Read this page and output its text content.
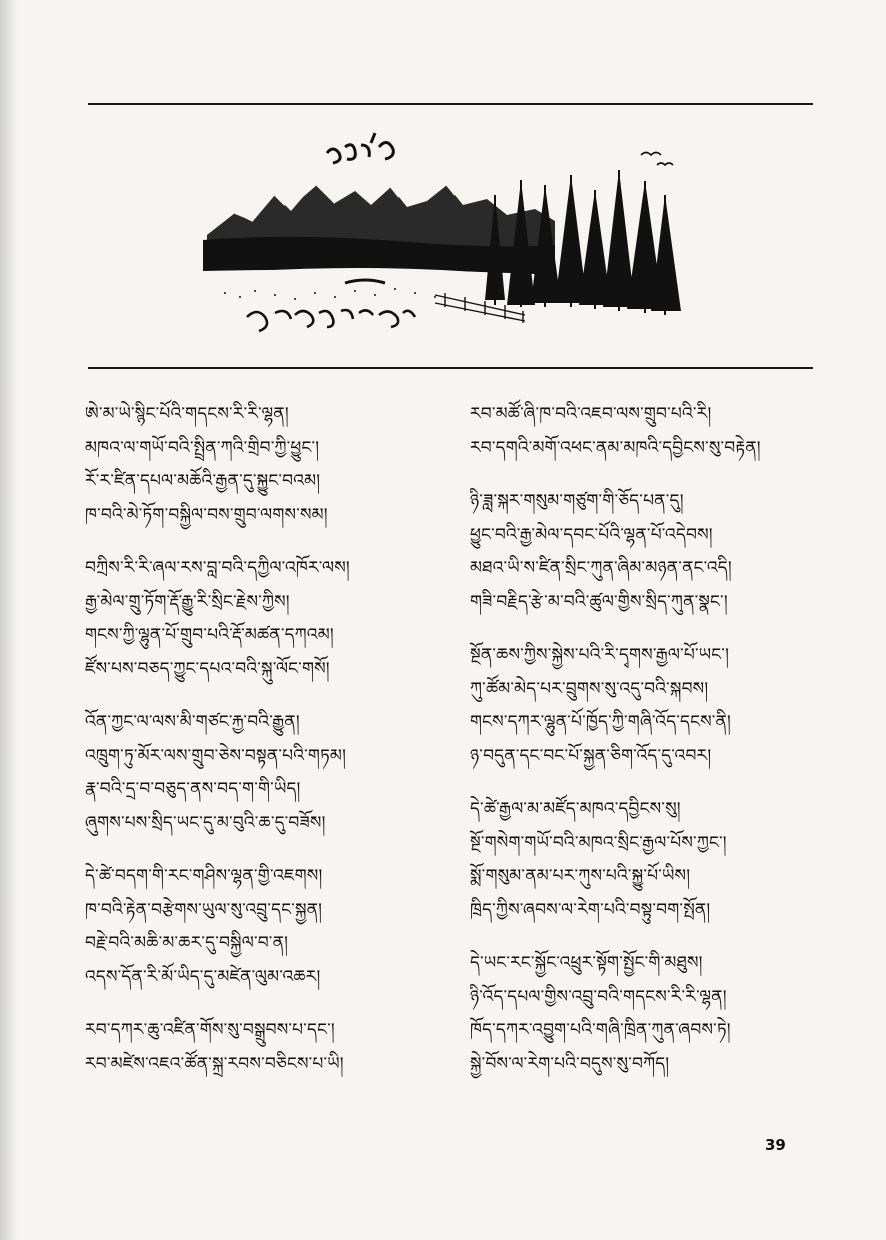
ཨེ་མ་ཡེ་སྙིང་པོའི་གདངས་རི་རི་ལྷན།
མཁའ་ལ་གཡོ་བའི་སྤྲིན་ཀའི་གྲིབ་ཀྱི་ཕྱུང་།
རོ་ར་ཛིན་དཔལ་མཆོའི་རྒྱན་དུ་སྐྱུང་བའམ།
ཁ་བའི་མེ་ཏོག་བསྐྱིལ་བས་གྲུབ་ལགས་སམ།
བཀྲིས་རི་རི་ཞལ་རས་བླ་བའི་དཀྱིལ་འཁོར་ལས།
རྒྱ་མེལ་གྲུ་ཏོག་རྡོ་རྒྱུ་རི་སྲིང་རྗེས་ཀྱིས།
གངས་ཀྱི་ལྷུན་པོ་གྲུབ་པའི་རྡོ་མཚན་དཀའམ།
ཛོས་པས་བཅད་ཀྱུང་དཔའ་བའི་སྐུ་ལོང་གསོ།
འོན་ཀྱང་ལ་ལས་མི་གཙང་རྐྱ་བའི་རྒྱུན།
འཁྲུག་ཏུ་མོར་ལས་གྲུབ་ཅེས་བསྟན་པའི་གཏམ།
རྣ་བའི་དྲ་བ་བཅུད་ནས་བད་ག་གི་ཡིད།
ཞུགས་པས་སྲིད་ཡང་དུ་མ་བུའི་ཆ་དུ་བཟོས།
དེ་ཚེ་བདག་གི་རང་གཤིས་ལྷན་གྱི་འཇགས།
ཁ་བའི་རྟེན་བརྩེགས་ཡུལ་སུ་འབྲུ་དང་སྐྱན།
བརྗེ་བའི་མཆི་མ་ཆར་དུ་བསྐྱིལ་བ་ན།
འདས་དོན་རི་མོ་ཡིད་དུ་མཛེན་ལུམ་འཆར།
རབ་དཀར་ཆུ་འཛིན་གོས་སུ་བསྒྲུབས་པ་དང་།
རབ་མཛེས་འཇའ་ཚོན་སྐྲ་རབས་བཅིངས་པ་ཡི།
རབ་མཚོ་ཞི་ཁ་བའི་འཇབ་ལས་གྲུབ་པའི་རི།
རབ་དགའི་མགོ་འཕང་ནམ་མཁའི་དབྱིངས་སུ་བརྟེན།
ཉི་ཟླ་སྐར་གསུམ་གཙུག་གི་ཅོད་པན་དུ།
ཕྱུང་བའི་རྒྱ་མེལ་དབང་པོའི་ལྷན་པོ་འདེབས།
མཐའ་ཡི་ས་ཛིན་སྲིང་ཀུན་ཞིམ་མཉན་ནང་འདི།
གཟི་བརྗིད་རྩེ་མ་བའི་ཚུལ་གྱིས་སྲིད་ཀུན་སྣང་།
སྔོན་ཆས་ཀྱིས་སྐྱེས་པའི་རི་དྭགས་རྒྱལ་པོ་ཡང་།
ཀུ་ཚོམ་མེད་པར་བྲུགས་སུ་འདུ་བའི་སྐབས།
གངས་དཀར་ལྷུན་པོ་ཁྱོད་ཀྱི་གཞི་འོད་དངས་ནི།
ཉ་བདུན་དང་བང་པོ་སྐྱན་ཅིག་འོད་དུ་འབར།
དེ་ཚེ་རྒྱལ་མ་མཛོད་མཁའ་དབྱིངས་སུ།
སྔོ་གསེག་གཡོ་བའི་མཁའ་སྲིང་རྒྱལ་པོས་ཀྱང་།
སྨོ་གསུམ་ནམ་པར་ཀུས་པའི་སྐྱུ་པོ་ཡིས།
ཁྲིད་ཀྱིས་ཞབས་ལ་རེག་པའི་བསྟུ་བག་སྤོན།
དེ་ཡང་རང་སྐྱོང་འཕྲུར་སྟོག་སྤྱོང་གི་མཐུས།
ཉི་འོད་དཔལ་གྱིས་འབྲུ་བའི་གདངས་རི་རི་ལྷན།
ཁོད་དཀར་འབྱུག་པའི་གཞི་ཁྲིན་ཀུན་ཞབས་ཏེ།
སྐྱེ་བོས་ལ་རེག་པའི་བདུས་སུ་བཀོད།
39
